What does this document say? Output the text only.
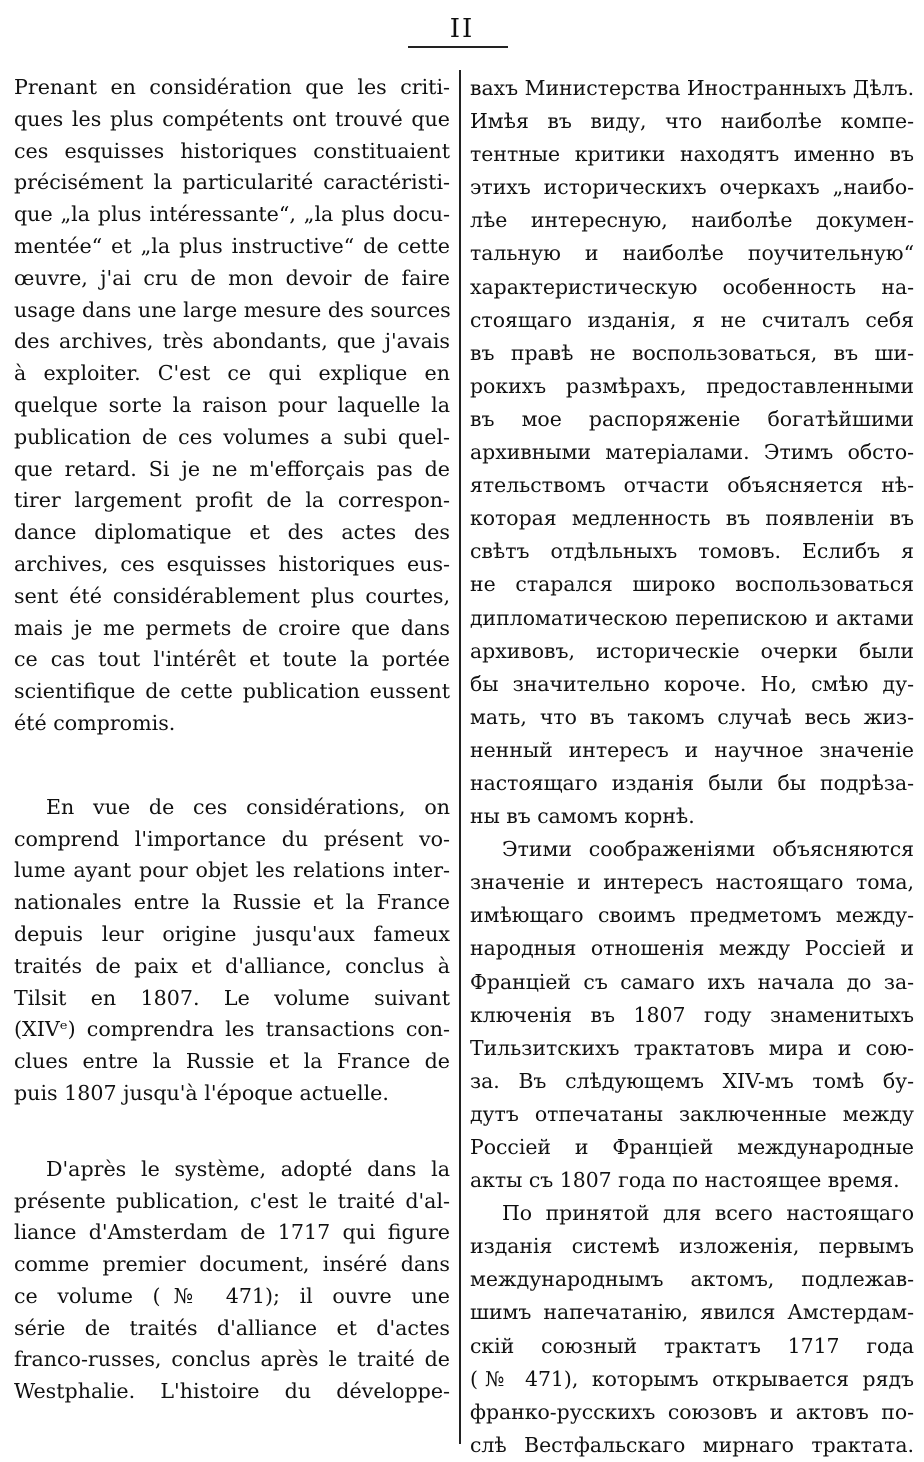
II
Prenant en considération que les criti-
ques les plus compétents ont trouvé que
ces esquisses historiques constituaient
précisément la particularité caractéristi-
que „la plus intéressante“, „la plus docu-
mentée“ et „la plus instructive“ de cette
œuvre, j'ai cru de mon devoir de faire
usage dans une large mesure des sources
des archives, très abondants, que j'avais
à exploiter. C'est ce qui explique en
quelque sorte la raison pour laquelle la
publication de ces volumes a subi quel-
que retard. Si je ne m'efforçais pas de
tirer largement profit de la correspon-
dance diplomatique et des actes des
archives, ces esquisses historiques eus-
sent été considérablement plus courtes,
mais je me permets de croire que dans
ce cas tout l'intérêt et toute la portée
scientifique de cette publication eussent
été compromis.
En vue de ces considérations, on
comprend l'importance du présent vo-
lume ayant pour objet les relations inter-
nationales entre la Russie et la France
depuis leur origine jusqu'aux fameux
traités de paix et d'alliance, conclus à
Tilsit en 1807. Le volume suivant
(XIVᵉ) comprendra les transactions con-
clues entre la Russie et la France de
puis 1807 jusqu'à l'époque actuelle.
D'après le système, adopté dans la
présente publication, c'est le traité d'al-
liance d'Amsterdam de 1717 qui figure
comme premier document, inséré dans
ce volume (№ 471); il ouvre une
série de traités d'alliance et d'actes
franco-russes, conclus après le traité de
Westphalie. L'histoire du développe-
вахъ Министерства Иностранныхъ Дѣлъ.
Имѣя въ виду, что наиболѣе компе-
тентные критики находятъ именно въ
этихъ историческихъ очеркахъ „наибо-
лѣе интересную, наиболѣе докумен-
тальную и наиболѣе поучительную“
характеристическую особенность на-
стоящаго изданія, я не считалъ себя
въ правѣ не воспользоваться, въ ши-
рокихъ размѣрахъ, предоставленными
въ мое распоряженіе богатѣйшими
архивными матеріалами. Этимъ обсто-
ятельствомъ отчасти объясняется нѣ-
которая медленность въ появленіи въ
свѣтъ отдѣльныхъ томовъ. Еслибъ я
не старался широко воспользоваться
дипломатическою перепискою и актами
архивовъ, историческіе очерки были
бы значительно короче. Но, смѣю ду-
мать, что въ такомъ случаѣ весь жиз-
ненный интересъ и научное значеніе
настоящаго изданія были бы подрѣза-
ны въ самомъ корнѣ.
Этими соображеніями объясняются
значеніе и интересъ настоящаго тома,
имѣющаго своимъ предметомъ между-
народныя отношенія между Россіей и
Франціей съ самаго ихъ начала до за-
ключенія въ 1807 году знаменитыхъ
Тильзитскихъ трактатовъ мира и сою-
за. Въ слѣдующемъ XIV-мъ томѣ бу-
дутъ отпечатаны заключенные между
Россіей и Франціей международные
акты съ 1807 года по настоящее время.
По принятой для всего настоящаго
изданія системѣ изложенія, первымъ
международнымъ актомъ, подлежав-
шимъ напечатанію, явился Амстердам-
скій союзный трактатъ 1717 года
(№ 471), которымъ открывается рядъ
франко-русскихъ союзовъ и актовъ по-
слѣ Вестфальскаго мирнаго трактата.
